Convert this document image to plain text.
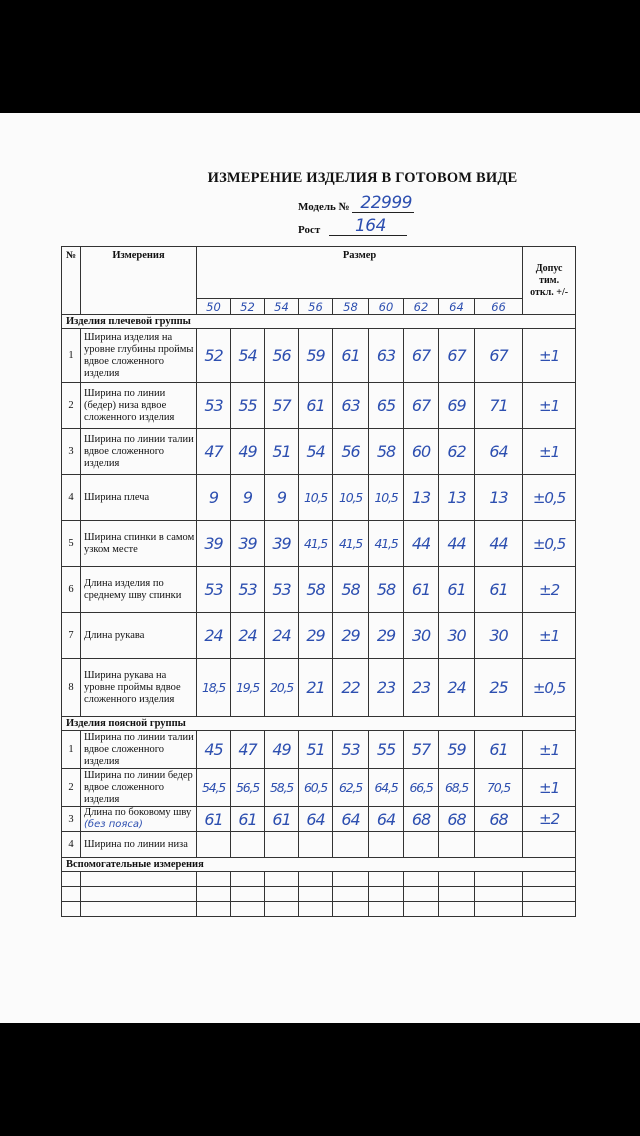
ИЗМЕРЕНИЕ ИЗДЕЛИЯ В ГОТОВОМ ВИДЕ
Модель № 22999
Рост 164
№	Измерения	Размер									Допус тим. откл. +/-
		50	52	54	56	58	60	62	64	66	
Изделия плечевой группы											
1	Ширина изделия на уровне глубины проймы вдвое сложенного изделия	52	54	56	59	61	63	67	67	67	±1
2	Ширина по линии (бедер) низа вдвое сложенного изделия	53	55	57	61	63	65	67	69	71	±1
3	Ширина по линии талии вдвое сложенного изделия	47	49	51	54	56	58	60	62	64	±1
4	Ширина плеча	9	9	9	10,5	10,5	10,5	13	13	13	±0,5
5	Ширина спинки в самом узком месте	39	39	39	41,5	41,5	41,5	44	44	44	±0,5
6	Длина изделия по среднему шву спинки	53	53	53	58	58	58	61	61	61	±2
7	Длина рукава	24	24	24	29	29	29	30	30	30	±1
8	Ширина рукава на уровне проймы вдвое сложенного изделия	18,5	19,5	20,5	21	22	23	23	24	25	±0,5
Изделия поясной группы											
1	Ширина по линии талии вдвое сложенного изделия	45	47	49	51	53	55	57	59	61	±1
2	Ширина по линии бедер вдвое сложенного изделия	54,5	56,5	58,5	60,5	62,5	64,5	66,5	68,5	70,5	±1
3	Длина по боковому шву (без пояса)	61	61	61	64	64	64	68	68	68	±2
4	Ширина по линии низа										
Вспомогательные измерения											
